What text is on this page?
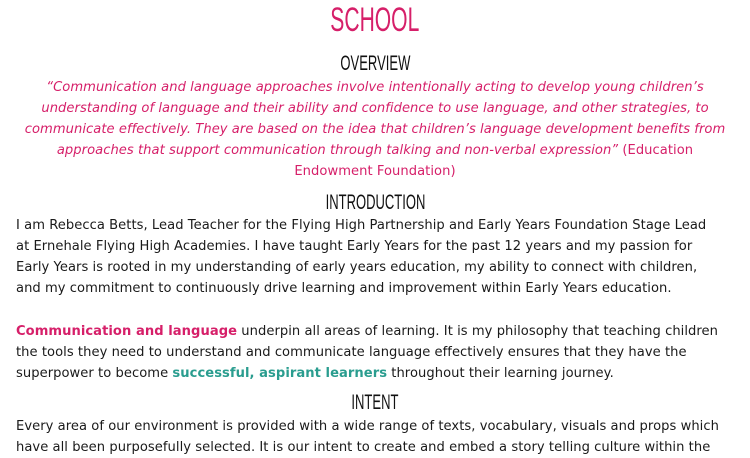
SCHOOL
OVERVIEW
“Communication and language approaches involve intentionally acting to develop young children’s
understanding of language and their ability and confidence to use language, and other strategies, to
communicate effectively. They are based on the idea that children’s language development benefits from
approaches that support communication through talking and non-verbal expression” (Education
Endowment Foundation)
INTRODUCTION
I am Rebecca Betts, Lead Teacher for the Flying High Partnership and Early Years Foundation Stage Lead
at Ernehale Flying High Academies. I have taught Early Years for the past 12 years and my passion for
Early Years is rooted in my understanding of early years education, my ability to connect with children,
and my commitment to continuously drive learning and improvement within Early Years education.
Communication and language underpin all areas of learning. It is my philosophy that teaching children
the tools they need to understand and communicate language effectively ensures that they have the
superpower to become successful, aspirant learners throughout their learning journey.
INTENT
Every area of our environment is provided with a wide range of texts, vocabulary, visuals and props which
have all been purposefully selected. It is our intent to create and embed a story telling culture within the
